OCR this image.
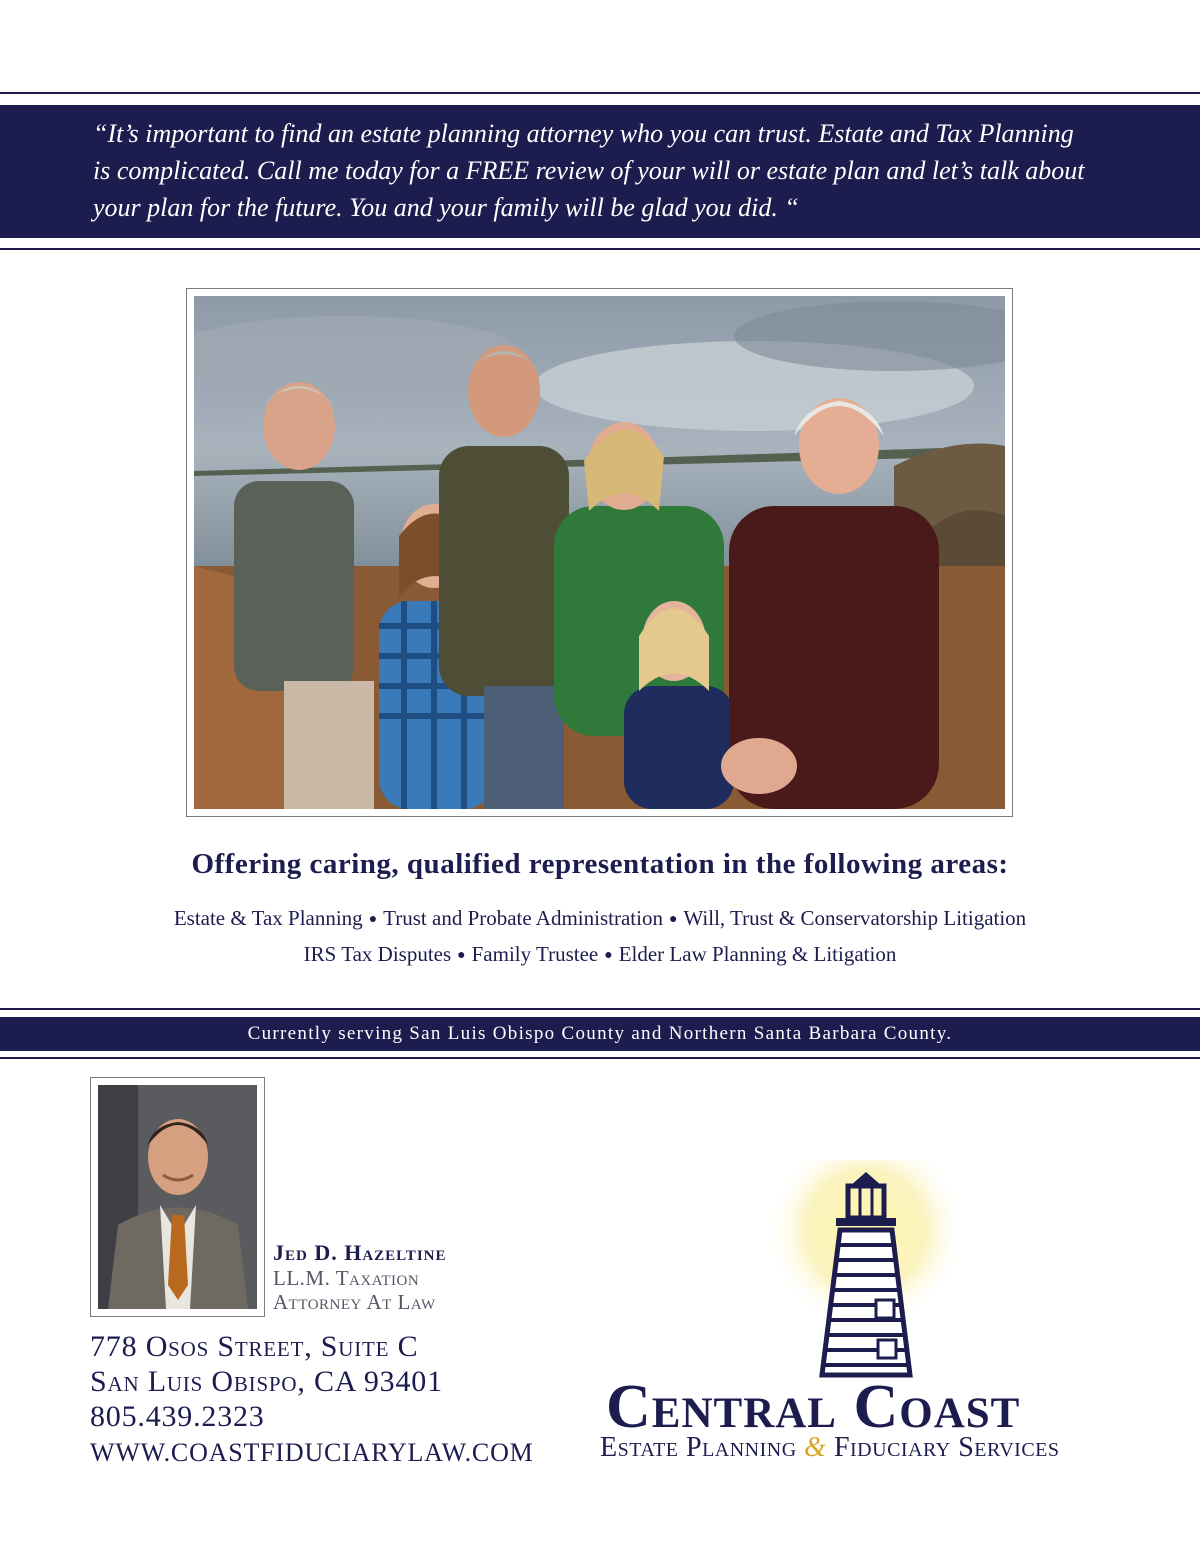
“It’s important to find an estate planning attorney who you can trust. Estate and Tax Planning
is complicated. Call me today for a FREE review of your will or estate plan and let’s talk about
your plan for the future. You and your family will be glad you did. “

Offering caring, qualified representation in the following areas:
Estate & Tax Planning ● Trust and Probate Administration ● Will, Trust & Conservatorship Litigation
IRS Tax Disputes ● Family Trustee ● Elder Law Planning & Litigation
Currently serving San Luis Obispo County and Northern Santa Barbara County.
Jed D. Hazeltine
LL.M. Taxation
Attorney At Law
778 Osos Street, Suite C
San Luis Obispo, CA 93401
805.439.2323
WWW.COASTFIDUCIARYLAW.COM
Central Coast
Estate Planning & Fiduciary Services
